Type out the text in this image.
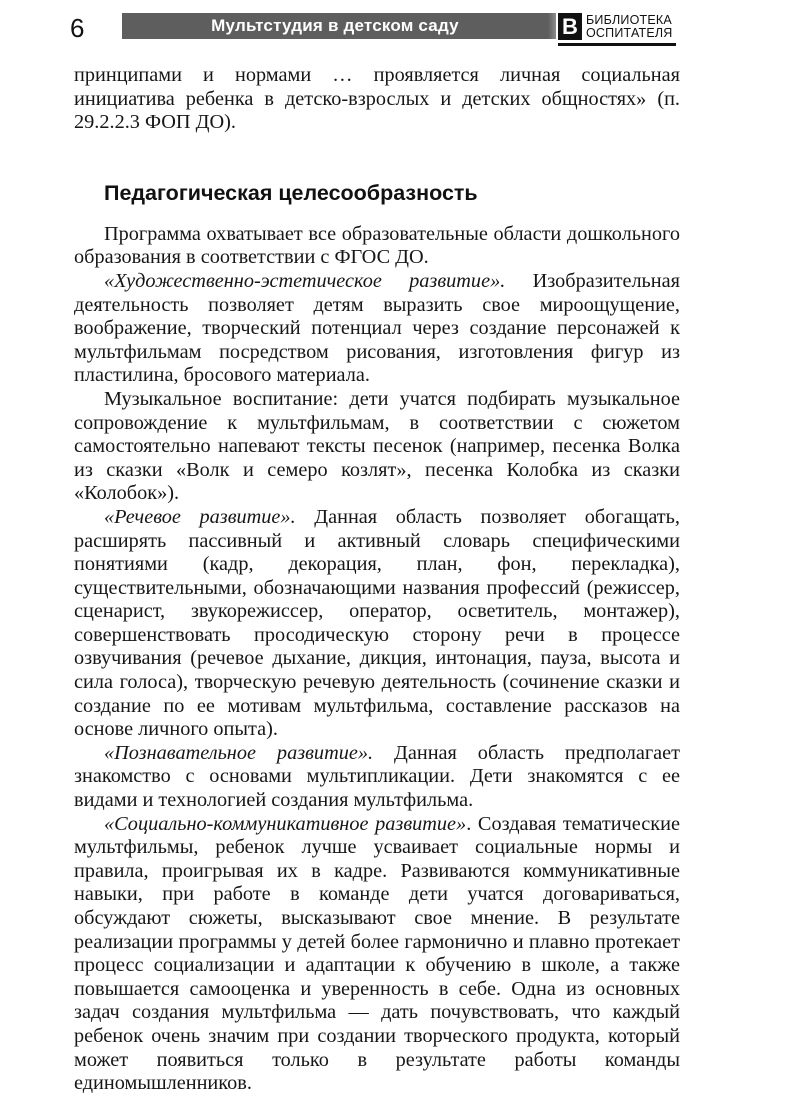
6	Мультстудия в детском саду	В БИБЛИОТЕКА
ОСПИТАТЕЛЯ

принципами и нормами … проявляется личная социальная инициатива ребенка в детско-взрослых и детских общностях» (п. 29.2.2.3 ФОП ДО).

Педагогическая целесообразность

Программа охватывает все образовательные области дошкольного образования в соответствии с ФГОС ДО.

«Художественно-эстетическое развитие». Изобразительная деятельность позволяет детям выразить свое мироощущение, воображение, творческий потенциал через создание персонажей к мультфильмам посредством рисования, изготовления фигур из пластилина, бросового материала.

Музыкальное воспитание: дети учатся подбирать музыкальное сопровождение к мультфильмам, в соответствии с сюжетом самостоятельно напевают тексты песенок (например, песенка Волка из сказки «Волк и семеро козлят», песенка Колобка из сказки «Колобок»).

«Речевое развитие». Данная область позволяет обогащать, расширять пассивный и активный словарь специфическими понятиями (кадр, декорация, план, фон, перекладка), существительными, обозначающими названия профессий (режиссер, сценарист, звукорежиссер, оператор, осветитель, монтажер), совершенствовать просодическую сторону речи в процессе озвучивания (речевое дыхание, дикция, интонация, пауза, высота и сила голоса), творческую речевую деятельность (сочинение сказки и создание по ее мотивам мультфильма, составление рассказов на основе личного опыта).

«Познавательное развитие». Данная область предполагает знакомство с основами мультипликации. Дети знакомятся с ее видами и технологией создания мультфильма.

«Социально-коммуникативное развитие». Создавая тематические мультфильмы, ребенок лучше усваивает социальные нормы и правила, проигрывая их в кадре. Развиваются коммуникативные навыки, при работе в команде дети учатся договариваться, обсуждают сюжеты, высказывают свое мнение. В результате реализации программы у детей более гармонично и плавно протекает процесс социализации и адаптации к обучению в школе, а также повышается самооценка и уверенность в себе. Одна из основных задач создания мультфильма — дать почувствовать, что каждый ребенок очень значим при создании творческого продукта, который может появиться только в результате работы команды единомышленников.
